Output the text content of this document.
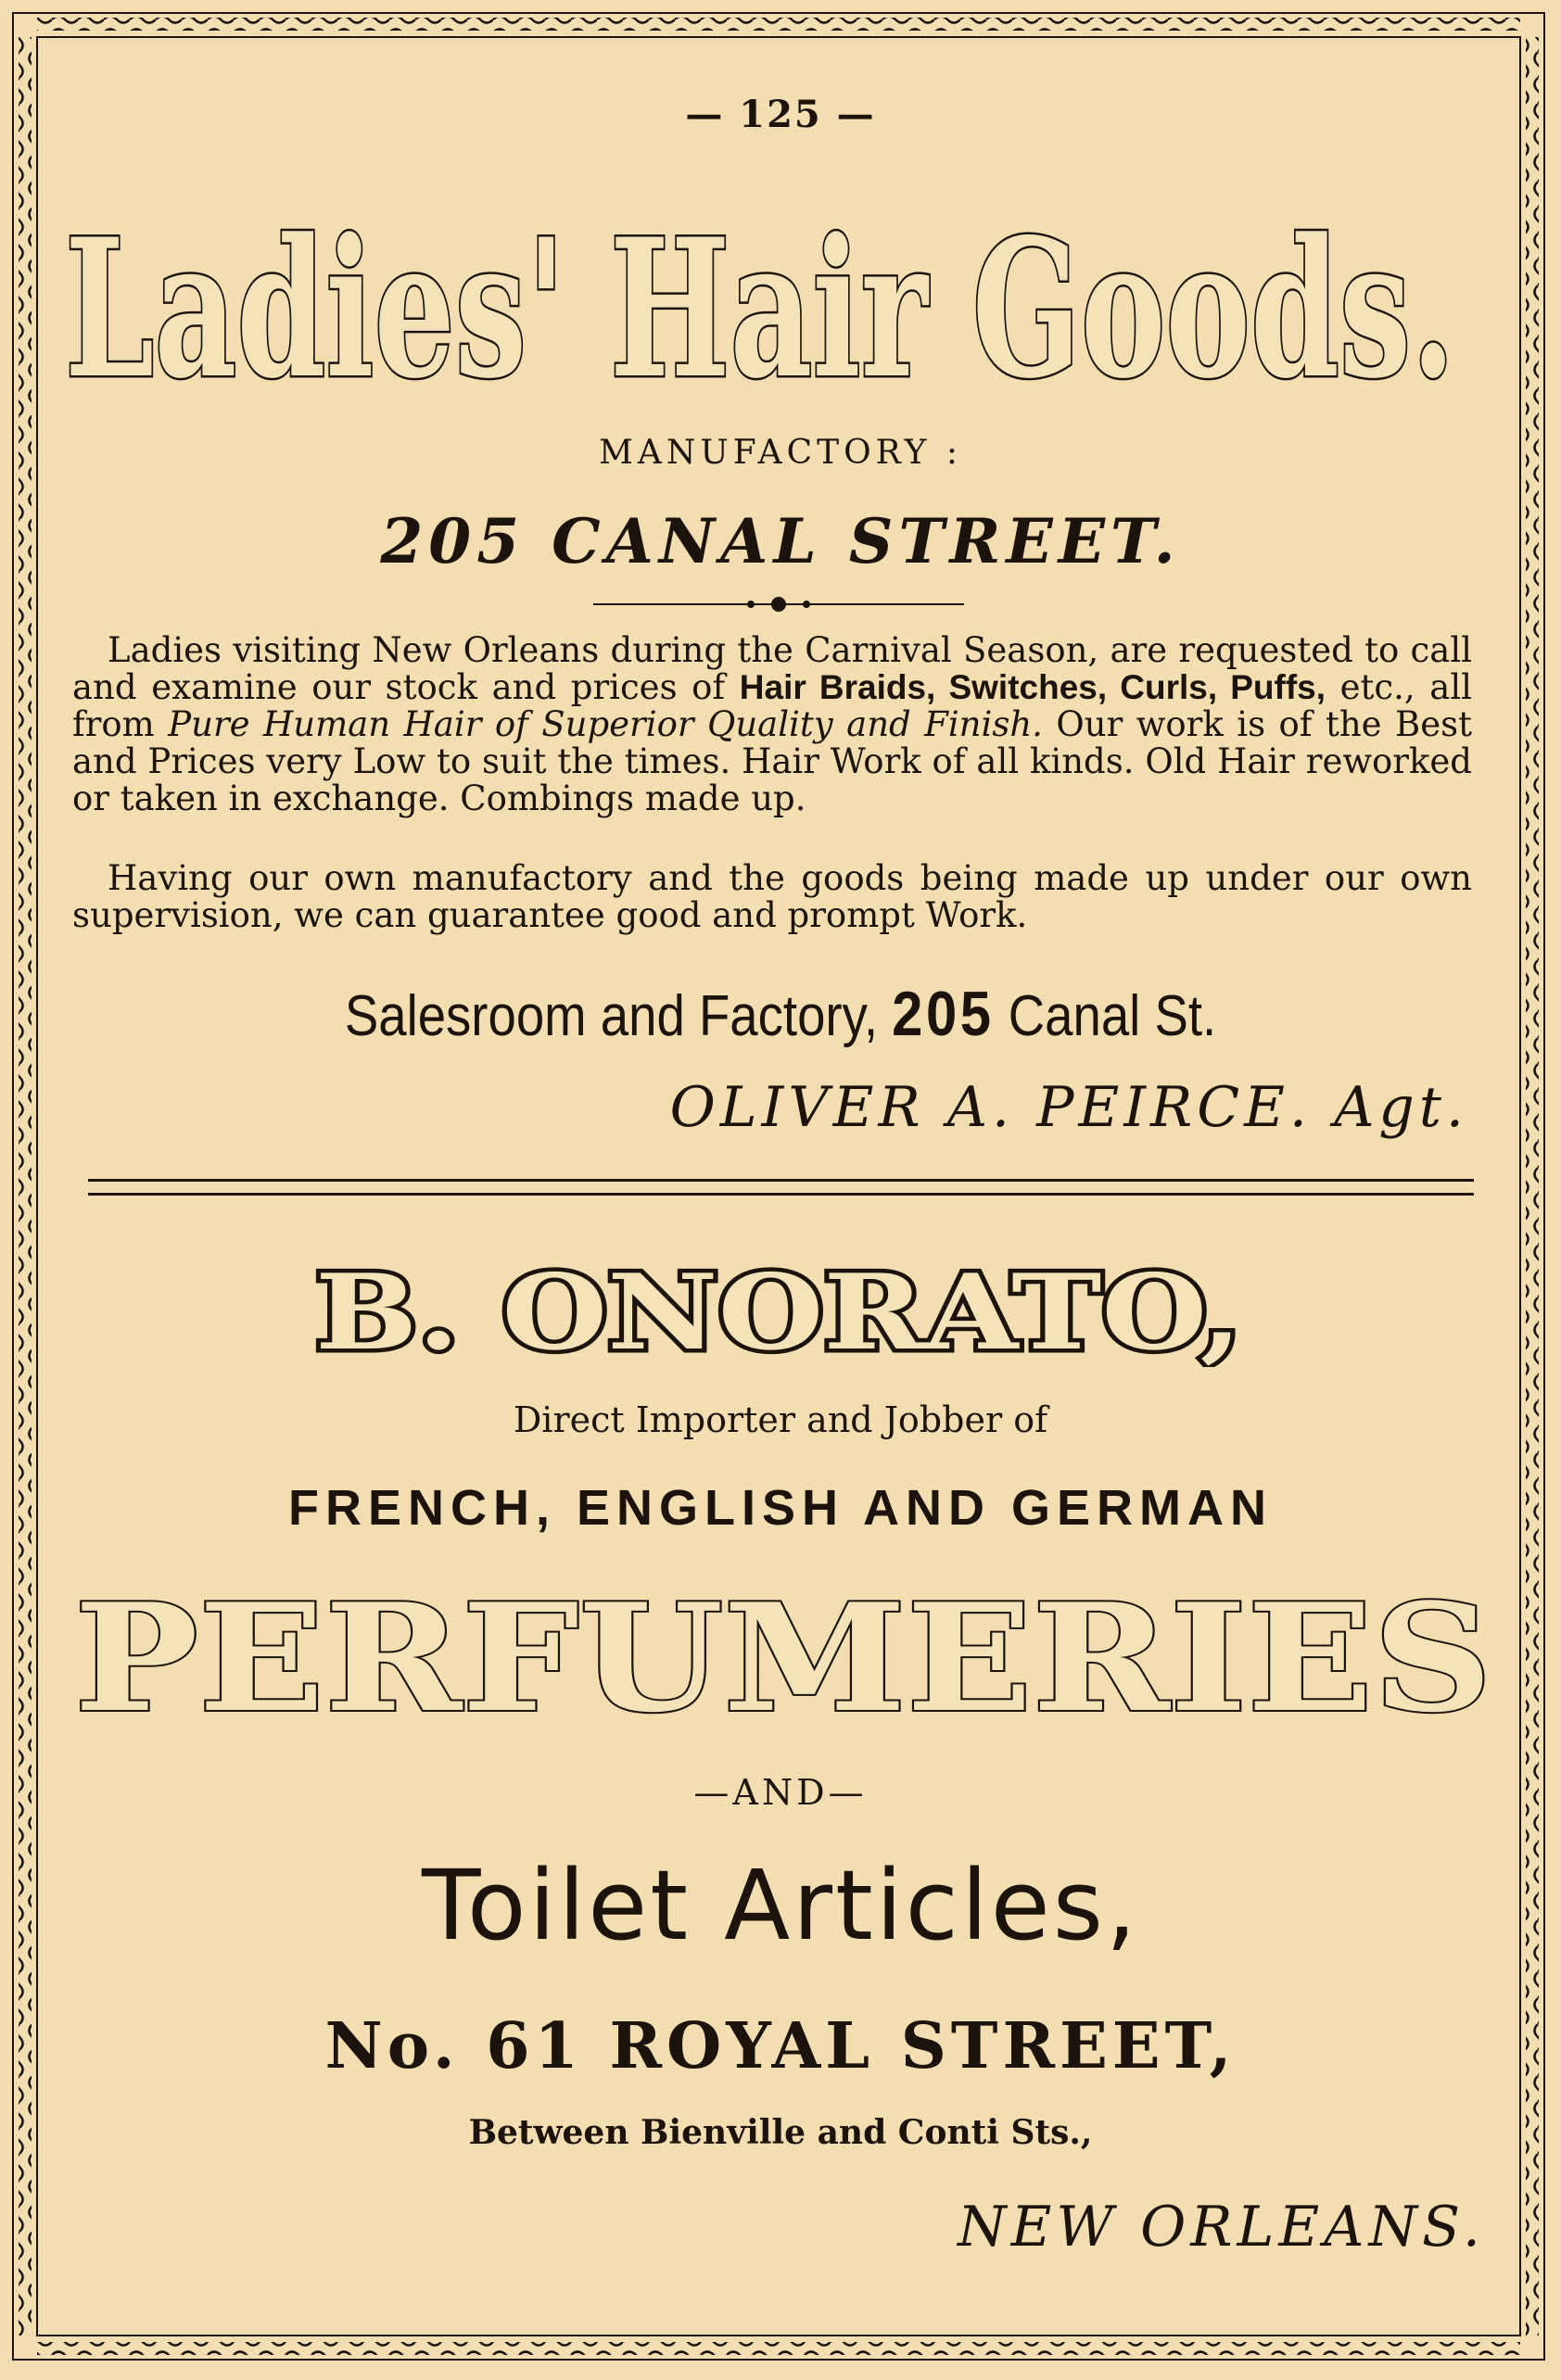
— 125 —
Ladies' Hair Goods.
MANUFACTORY :
205 CANAL STREET.
Ladies visiting New Orleans during the Carnival Season, are requested to call and examine our stock and prices of Hair Braids, Switches, Curls, Puffs, etc., all from Pure Human Hair of Superior Quality and Finish. Our work is of the Best and Prices very Low to suit the times. Hair Work of all kinds. Old Hair reworked or taken in exchange. Combings made up.
Having our own manufactory and the goods being made up under our own supervision, we can guarantee good and prompt Work.
Salesroom and Factory, 205 Canal St.
OLIVER A. PEIRCE. Agt.
B. ONORATO,
Direct Importer and Jobber of
FRENCH, ENGLISH AND GERMAN
PERFUMERIES
—AND—
Toilet Articles,
No. 61 ROYAL STREET,
Between Bienville and Conti Sts.,
NEW ORLEANS.
